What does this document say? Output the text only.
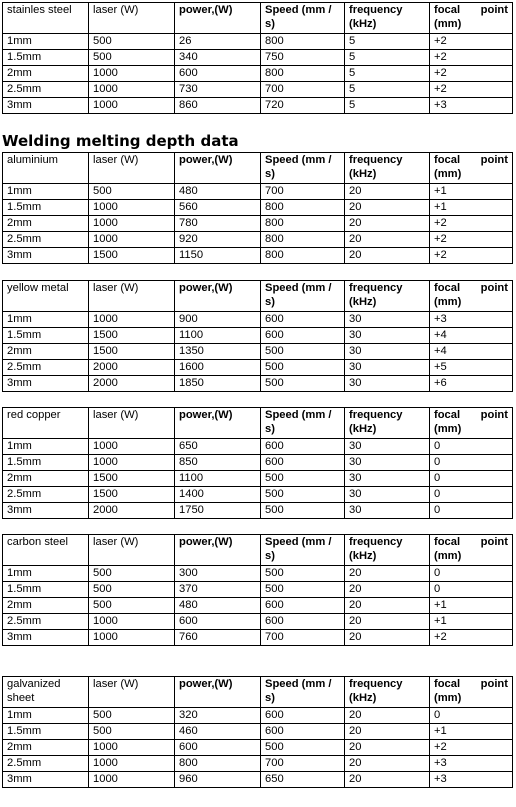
Welding melting depth data
stainles steel	laser (W)	power,(W)	Speed (mm /
s)	frequency
(kHz)	focal point
(mm)
1mm	500	26	800	5	+2
1.5mm	500	340	750	5	+2
2mm	1000	600	800	5	+2
2.5mm	1000	730	700	5	+2
3mm	1000	860	720	5	+3
aluminium	laser (W)	power,(W)	Speed (mm /
s)	frequency
(kHz)	focal point
(mm)
1mm	500	480	700	20	+1
1.5mm	1000	560	800	20	+1
2mm	1000	780	800	20	+2
2.5mm	1000	920	800	20	+2
3mm	1500	1150	800	20	+2
yellow metal	laser (W)	power,(W)	Speed (mm /
s)	frequency
(kHz)	focal point
(mm)
1mm	1000	900	600	30	+3
1.5mm	1500	1100	600	30	+4
2mm	1500	1350	500	30	+4
2.5mm	2000	1600	500	30	+5
3mm	2000	1850	500	30	+6
red copper	laser (W)	power,(W)	Speed (mm /
s)	frequency
(kHz)	focal point
(mm)
1mm	1000	650	600	30	0
1.5mm	1000	850	600	30	0
2mm	1500	1100	500	30	0
2.5mm	1500	1400	500	30	0
3mm	2000	1750	500	30	0
carbon steel	laser (W)	power,(W)	Speed (mm /
s)	frequency
(kHz)	focal point
(mm)
1mm	500	300	500	20	0
1.5mm	500	370	500	20	0
2mm	500	480	600	20	+1
2.5mm	1000	600	600	20	+1
3mm	1000	760	700	20	+2
galvanized sheet	laser (W)	power,(W)	Speed (mm /
s)	frequency
(kHz)	focal point
(mm)
1mm	500	320	600	20	0
1.5mm	500	460	600	20	+1
2mm	1000	600	500	20	+2
2.5mm	1000	800	700	20	+3
3mm	1000	960	650	20	+3
